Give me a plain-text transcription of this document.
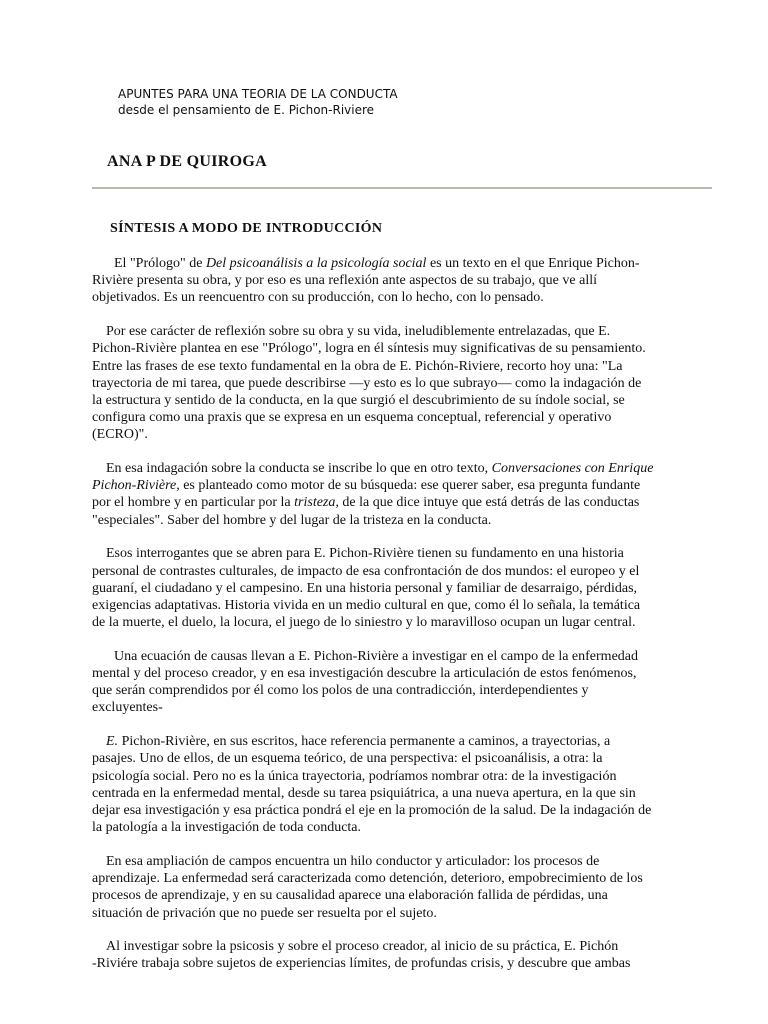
APUNTES PARA UNA TEORIA DE LA CONDUCTA
desde el pensamiento de E. Pichon-Riviere
ANA P DE QUIROGA
SÍNTESIS A MODO DE INTRODUCCIÓN

El "Prólogo" de Del psicoanálisis a la psicología social es un texto en el que Enrique Pichon-
Rivière presenta su obra, y por eso es una reflexión ante aspectos de su trabajo, que ve allí
objetivados. Es un reencuentro con su producción, con lo hecho, con lo pensado.

Por ese carácter de reflexión sobre su obra y su vida, ineludiblemente entrelazadas, que E.
Pichon-Rivière plantea en ese "Prólogo", logra en él síntesis muy significativas de su pensamiento.
Entre las frases de ese texto fundamental en la obra de E. Pichón-Riviere, recorto hoy una: "La
trayectoria de mi tarea, que puede describirse —y esto es lo que subrayo— como la indagación de
la estructura y sentido de la conducta, en la que surgió el descubrimiento de su índole social, se
configura como una praxis que se expresa en un esquema conceptual, referencial y operativo
(ECRO)".

En esa indagación sobre la conducta se inscribe lo que en otro texto, Conversaciones con Enrique
Pichon-Rivière, es planteado como motor de su búsqueda: ese querer saber, esa pregunta fundante
por el hombre y en particular por la tristeza, de la que dice intuye que está detrás de las conductas
"especiales". Saber del hombre y del lugar de la tristeza en la conducta.

Esos interrogantes que se abren para E. Pichon-Rivière tienen su fundamento en una historia
personal de contrastes culturales, de impacto de esa confrontación de dos mundos: el europeo y el
guaraní, el ciudadano y el campesino. En una historia personal y familiar de desarraigo, pérdidas,
exigencias adaptativas. Historia vivida en un medio cultural en que, como él lo señala, la temática
de la muerte, el duelo, la locura, el juego de lo siniestro y lo maravilloso ocupan un lugar central.

Una ecuación de causas llevan a E. Pichon-Rivière a investigar en el campo de la enfermedad
mental y del proceso creador, y en esa investigación descubre la articulación de estos fenómenos,
que serán comprendidos por él como los polos de una contradicción, interdependientes y
excluyentes-

E. Pichon-Rivière, en sus escritos, hace referencia permanente a caminos, a trayectorias, a
pasajes. Uno de ellos, de un esquema teórico, de una perspectiva: el psicoanálisis, a otra: la
psicología social. Pero no es la única trayectoria, podríamos nombrar otra: de la investigación
centrada en la enfermedad mental, desde su tarea psiquiátrica, a una nueva apertura, en la que sin
dejar esa investigación y esa práctica pondrá el eje en la promoción de la salud. De la indagación de
la patología a la investigación de toda conducta.

En esa ampliación de campos encuentra un hilo conductor y articulador: los procesos de
aprendizaje. La enfermedad será caracterizada como detención, deterioro, empobrecimiento de los
procesos de aprendizaje, y en su causalidad aparece una elaboración fallida de pérdidas, una
situación de privación que no puede ser resuelta por el sujeto.

Al investigar sobre la psicosis y sobre el proceso creador, al inicio de su práctica, E. Pichón
-Riviére trabaja sobre sujetos de experiencias límites, de profundas crisis, y descubre que ambas
